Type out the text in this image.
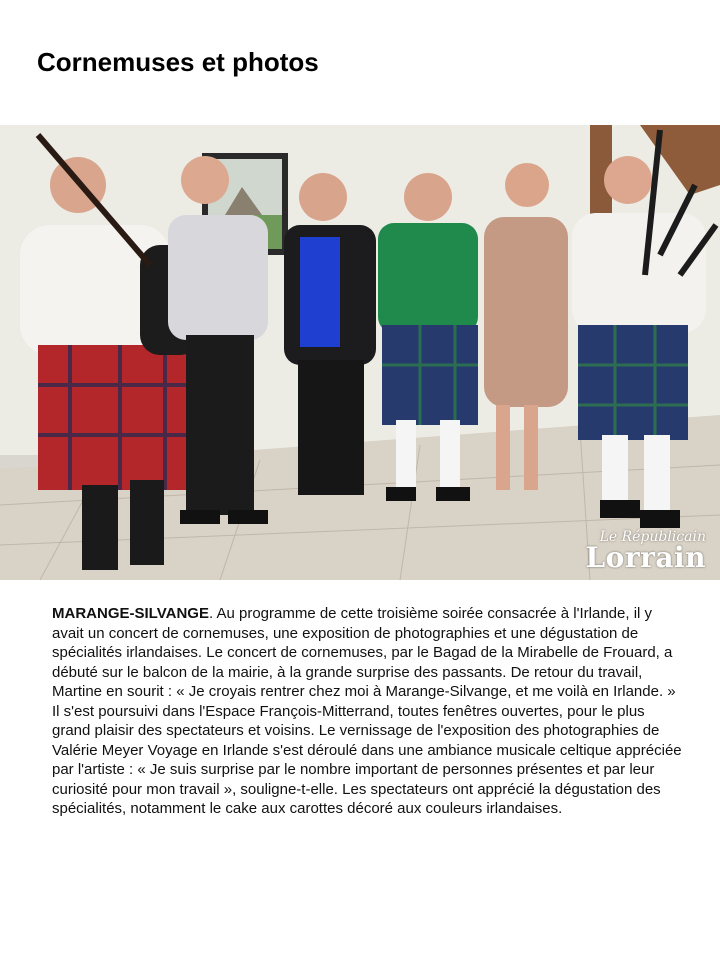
Cornemuses et photos
Le Républicain
Lorrain

MARANGE-SILVANGE. Au programme de cette troisième soirée consacrée à l'Irlande, il y avait un concert de cornemuses, une exposition de photographies et une dégustation de spécialités irlandaises. Le concert de cornemuses, par le Bagad de la Mirabelle de Frouard, a débuté sur le balcon de la mairie, à la grande surprise des passants. De retour du travail, Martine en sourit : « Je croyais rentrer chez moi à Marange-Silvange, et me voilà en Irlande. » Il s'est poursuivi dans l'Espace François-Mitterrand, toutes fenêtres ouvertes, pour le plus grand plaisir des spectateurs et voisins. Le vernissage de l'exposition des photographies de Valérie Meyer Voyage en Irlande s'est déroulé dans une ambiance musicale celtique appréciée par l'artiste : « Je suis surprise par le nombre important de personnes présentes et par leur curiosité pour mon travail », souligne-t-elle. Les spectateurs ont apprécié la dégustation des spécialités, notamment le cake aux carottes décoré aux couleurs irlandaises.
